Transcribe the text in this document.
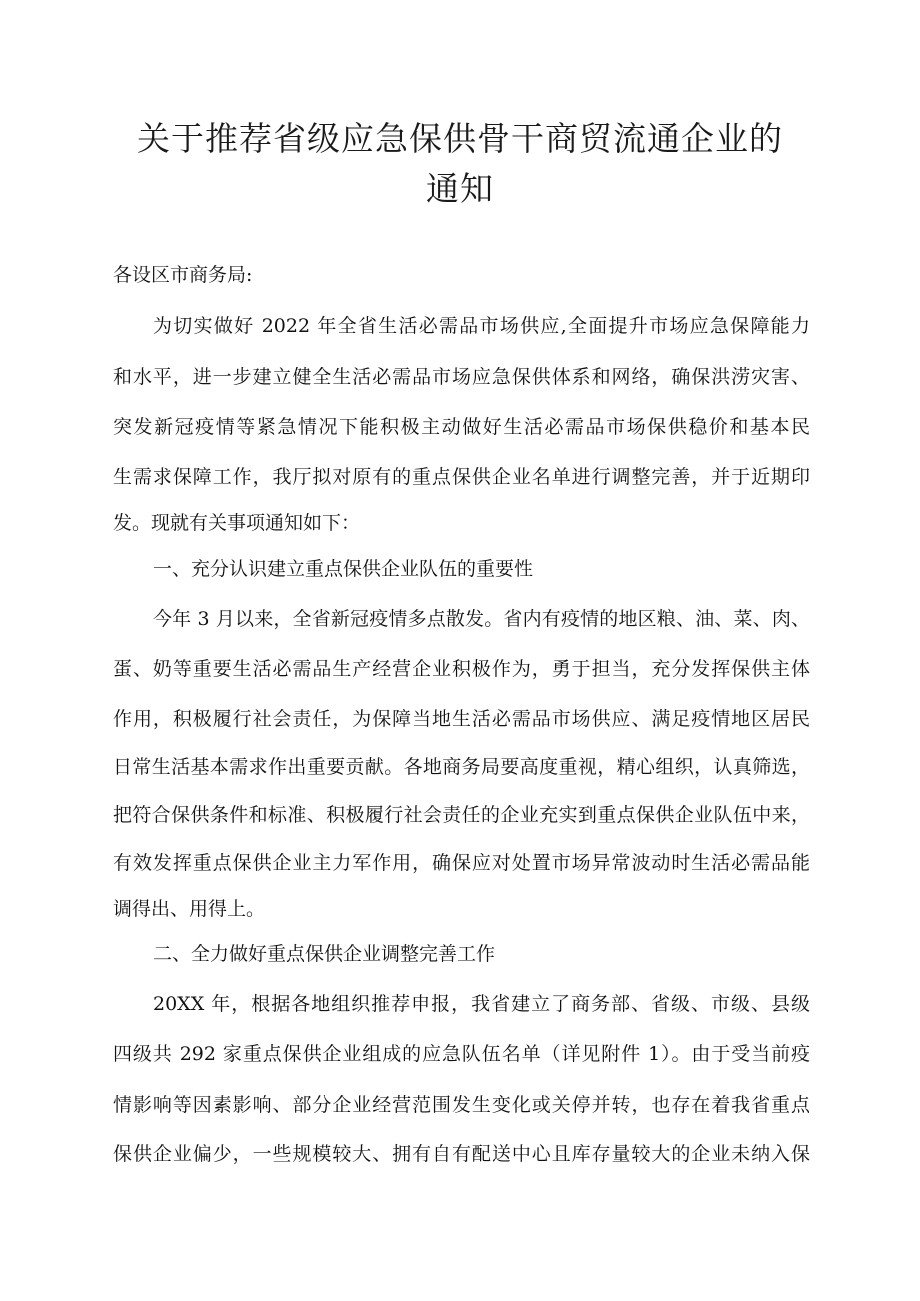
关于推荐省级应急保供骨干商贸流通企业的
通知
各设区市商务局:
为切实做好 2022 年全省生活必需品市场供应,全面提升市场应急保障能力
和水平，进一步建立健全生活必需品市场应急保供体系和网络，确保洪涝灾害、
突发新冠疫情等紧急情况下能积极主动做好生活必需品市场保供稳价和基本民
生需求保障工作，我厅拟对原有的重点保供企业名单进行调整完善，并于近期印
发。现就有关事项通知如下：
一、充分认识建立重点保供企业队伍的重要性
今年 3 月以来，全省新冠疫情多点散发。省内有疫情的地区粮、油、菜、肉、
蛋、奶等重要生活必需品生产经营企业积极作为，勇于担当，充分发挥保供主体
作用，积极履行社会责任，为保障当地生活必需品市场供应、满足疫情地区居民
日常生活基本需求作出重要贡献。各地商务局要高度重视，精心组织，认真筛选，
把符合保供条件和标准、积极履行社会责任的企业充实到重点保供企业队伍中来，
有效发挥重点保供企业主力军作用，确保应对处置市场异常波动时生活必需品能
调得出、用得上。
二、全力做好重点保供企业调整完善工作
20XX 年，根据各地组织推荐申报，我省建立了商务部、省级、市级、县级
四级共 292 家重点保供企业组成的应急队伍名单（详见附件 1）。由于受当前疫
情影响等因素影响、部分企业经营范围发生变化或关停并转，也存在着我省重点
保供企业偏少，一些规模较大、拥有自有配送中心且库存量较大的企业未纳入保
